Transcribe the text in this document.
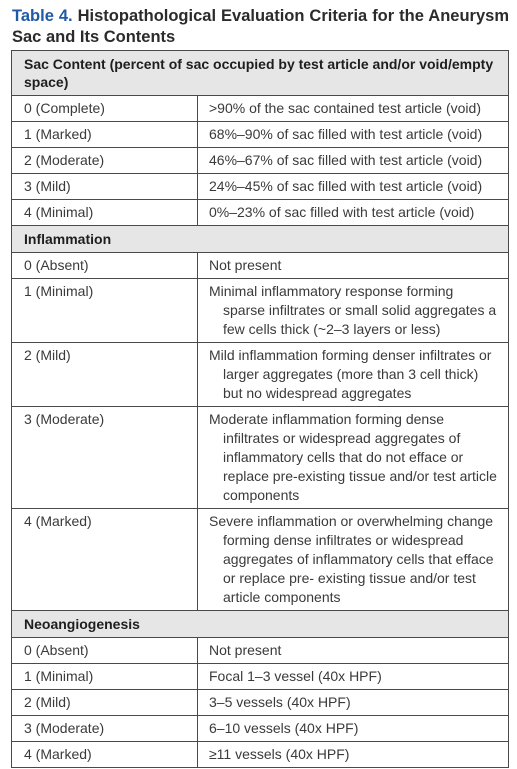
Table 4. Histopathological Evaluation Criteria for the Aneurysm Sac and Its Contents
Sac Content (percent of sac occupied by test article and/or void/empty space)	
0 (Complete)	>90% of the sac contained test article (void)
1 (Marked)	68%–90% of sac filled with test article (void)
2 (Moderate)	46%–67% of sac filled with test article (void)
3 (Mild)	24%–45% of sac filled with test article (void)
4 (Minimal)	0%–23% of sac filled with test article (void)
Inflammation	
0 (Absent)	Not present
1 (Minimal)	Minimal inflammatory response forming sparse infiltrates or small solid aggregates a few cells thick (~2–3 layers or less)

2 (Mild)	Mild inflammation forming denser infiltrates or larger aggregates (more than 3 cell thick) but no widespread aggregates

3 (Moderate)	Moderate inflammation forming dense infiltrates or widespread aggregates of inflammatory cells that do not efface or replace pre-existing tissue and/or test article components

4 (Marked)	Severe inflammation or overwhelming change forming dense infiltrates or widespread aggregates of inflammatory cells that efface or replace pre- existing tissue and/or test article components

Neoangiogenesis	
0 (Absent)	Not present
1 (Minimal)	Focal 1–3 vessel (40x HPF)
2 (Mild)	3–5 vessels (40x HPF)
3 (Moderate)	6–10 vessels (40x HPF)
4 (Marked)	≥11 vessels (40x HPF)
